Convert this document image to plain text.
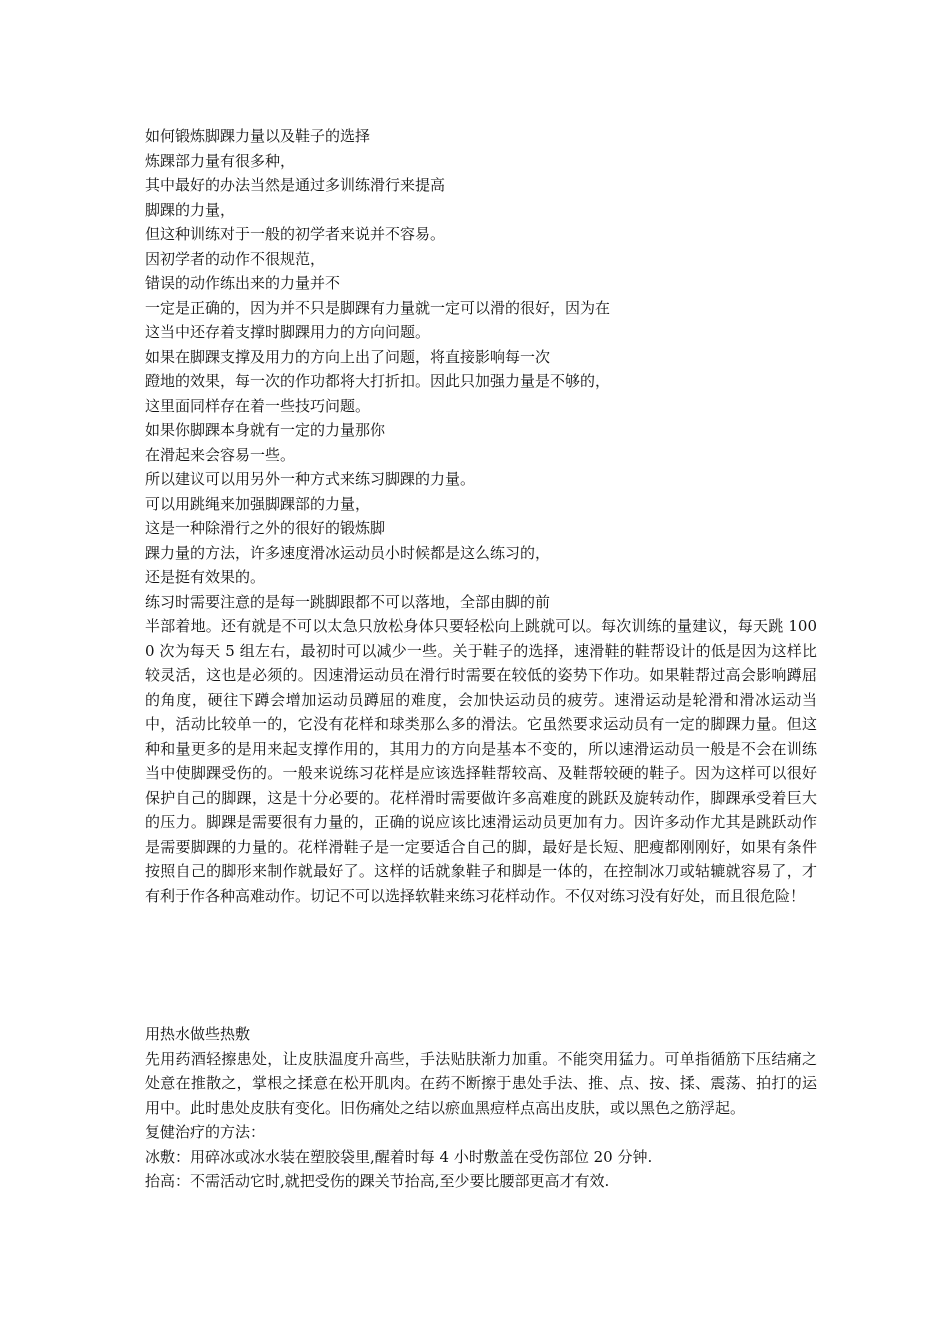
如何锻炼脚踝力量以及鞋子的选择
炼踝部力量有很多种，
其中最好的办法当然是通过多训练滑行来提高
脚踝的力量，
但这种训练对于一般的初学者来说并不容易。
因初学者的动作不很规范，
错误的动作练出来的力量并不
一定是正确的，因为并不只是脚踝有力量就一定可以滑的很好，因为在
这当中还存着支撑时脚踝用力的方向问题。
如果在脚踝支撑及用力的方向上出了问题，将直接影响每一次
蹬地的效果，每一次的作功都将大打折扣。因此只加强力量是不够的，
这里面同样存在着一些技巧问题。
如果你脚踝本身就有一定的力量那你
在滑起来会容易一些。
所以建议可以用另外一种方式来练习脚踝的力量。
可以用跳绳来加强脚踝部的力量，
这是一种除滑行之外的很好的锻炼脚
踝力量的方法，许多速度滑冰运动员小时候都是这么练习的，
还是挺有效果的。
练习时需要注意的是每一跳脚跟都不可以落地，全部由脚的前
半部着地。还有就是不可以太急只放松身体只要轻松向上跳就可以。每次训练的量建议，每天跳 1000 次为每天 5 组左右，最初时可以减少一些。关于鞋子的选择，速滑鞋的鞋帮设计的低是因为这样比较灵活，这也是必须的。因速滑运动员在滑行时需要在较低的姿势下作功。如果鞋帮过高会影响蹲屈的角度，硬往下蹲会增加运动员蹲屈的难度，会加快运动员的疲劳。速滑运动是轮滑和滑冰运动当中，活动比较单一的，它没有花样和球类那么多的滑法。它虽然要求运动员有一定的脚踝力量。但这种和量更多的是用来起支撑作用的，其用力的方向是基本不变的，所以速滑运动员一般是不会在训练当中使脚踝受伤的。一般来说练习花样是应该选择鞋帮较高、及鞋帮较硬的鞋子。因为这样可以很好保护自己的脚踝，这是十分必要的。花样滑时需要做许多高难度的跳跃及旋转动作，脚踝承受着巨大的压力。脚踝是需要很有力量的，正确的说应该比速滑运动员更加有力。因许多动作尤其是跳跃动作是需要脚踝的力量的。花样滑鞋子是一定要适合自己的脚，最好是长短、肥瘦都刚刚好，如果有条件按照自己的脚形来制作就最好了。这样的话就象鞋子和脚是一体的，在控制冰刀或轱辘就容易了，才有利于作各种高难动作。切记不可以选择软鞋来练习花样动作。不仅对练习没有好处，而且很危险！
用热水做些热敷
先用药酒轻擦患处，让皮肤温度升高些，手法贴肤渐力加重。不能突用猛力。可单指循筋下压结痛之处意在推散之，掌根之揉意在松开肌肉。在药不断擦于患处手法、推、点、按、揉、震荡、拍打的运用中。此时患处皮肤有变化。旧伤痛处之结以瘀血黑痘样点高出皮肤，或以黑色之筋浮起。
复健治疗的方法：
冰敷：用碎冰或冰水装在塑胶袋里,醒着时每 4 小时敷盖在受伤部位 20 分钟.
抬高：不需活动它时,就把受伤的踝关节抬高,至少要比腰部更高才有效.
